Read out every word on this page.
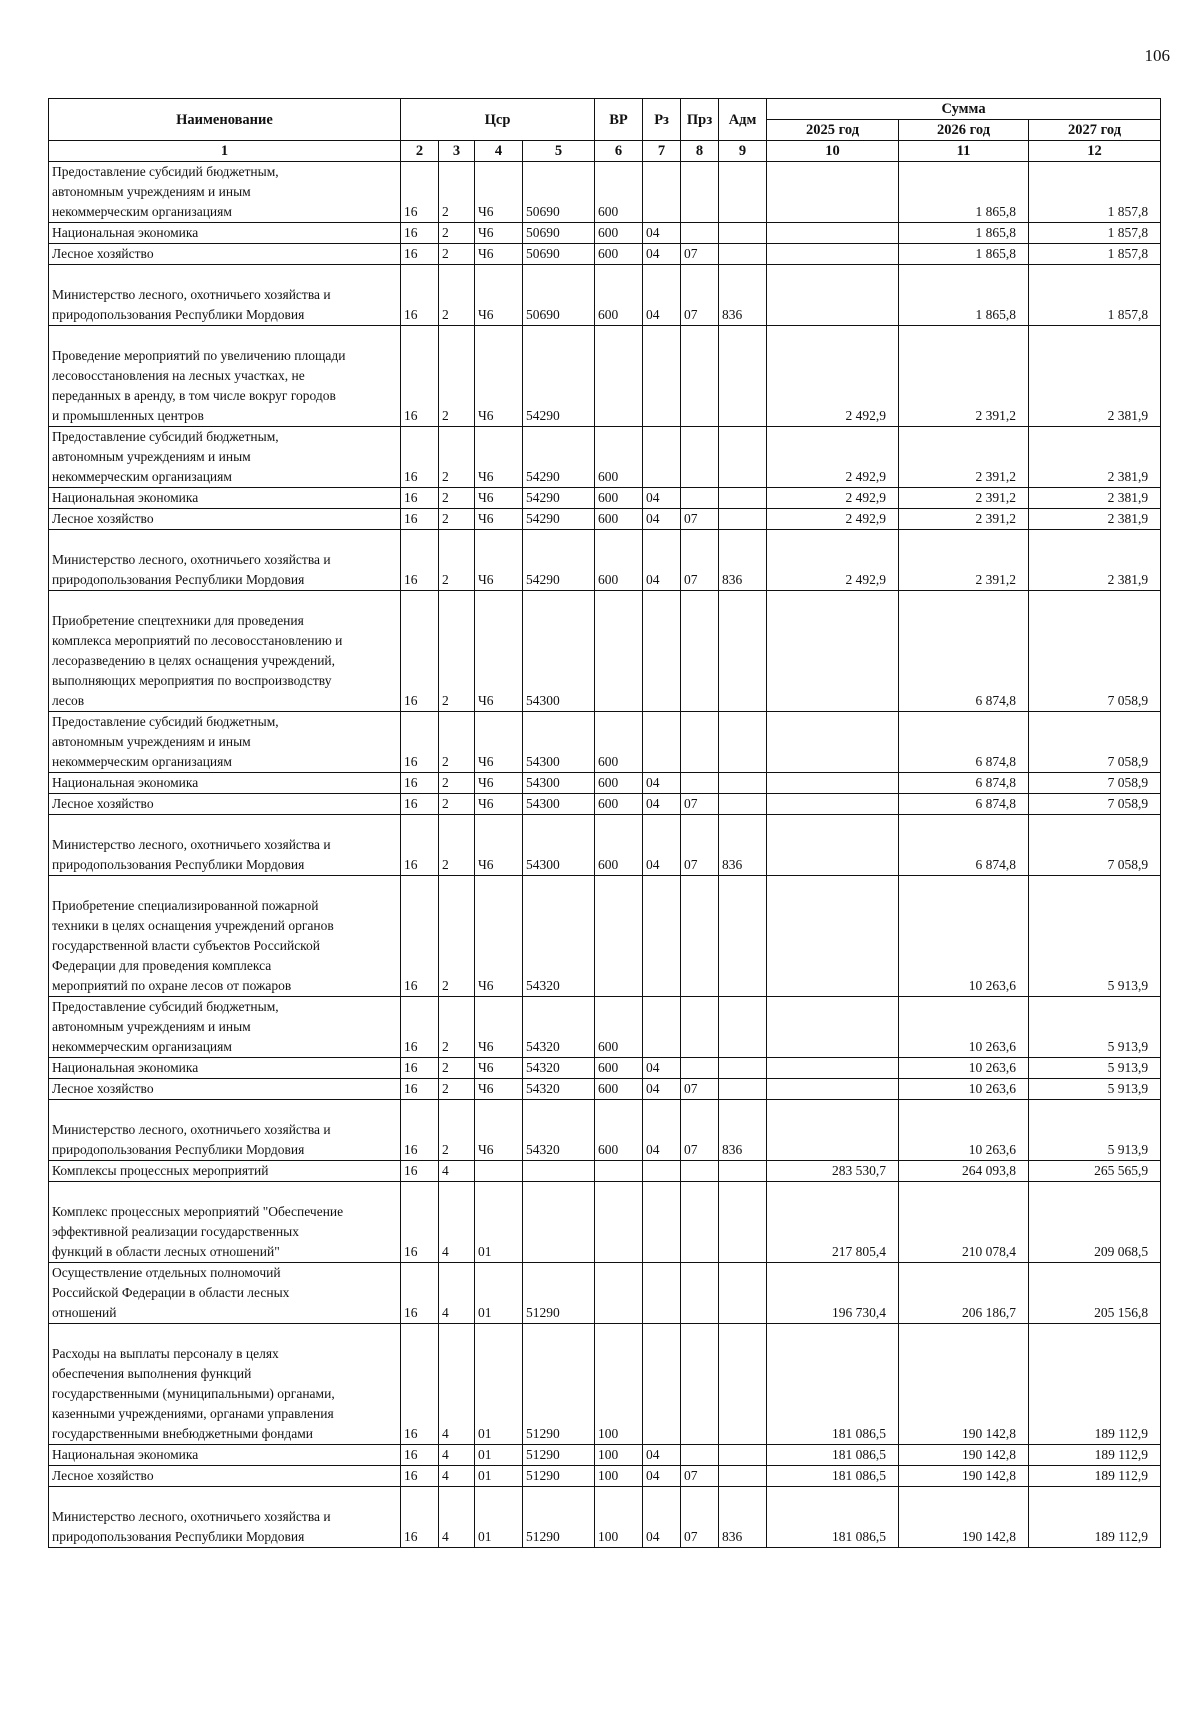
106
Наименование	Цср				ВР	Рз	Прз	Адм	Сумма		
									2025 год	2026 год	2027 год
1	2	3	4	5	6	7	8	9	10	11	12
Предоставление субсидий бюджетным,
автономным учреждениям и иным
некоммерческим организациям	16	2	Ч6	50690	600					1 865,8	1 857,8
Национальная экономика	16	2	Ч6	50690	600	04				1 865,8	1 857,8
Лесное хозяйство	16	2	Ч6	50690	600	04	07			1 865,8	1 857,8

Министерство лесного, охотничьего хозяйства и
природопользования Республики Мордовия	16	2	Ч6	50690	600	04	07	836		1 865,8	1 857,8

Проведение мероприятий по увеличению площади
лесовосстановления на лесных участках, не
переданных в аренду, в том числе вокруг городов
и промышленных центров	16	2	Ч6	54290					2 492,9	2 391,2	2 381,9
Предоставление субсидий бюджетным,
автономным учреждениям и иным
некоммерческим организациям	16	2	Ч6	54290	600				2 492,9	2 391,2	2 381,9
Национальная экономика	16	2	Ч6	54290	600	04			2 492,9	2 391,2	2 381,9
Лесное хозяйство	16	2	Ч6	54290	600	04	07		2 492,9	2 391,2	2 381,9

Министерство лесного, охотничьего хозяйства и
природопользования Республики Мордовия	16	2	Ч6	54290	600	04	07	836	2 492,9	2 391,2	2 381,9

Приобретение спецтехники для проведения
комплекса мероприятий по лесовосстановлению и
лесоразведению в целях оснащения учреждений,
выполняющих мероприятия по воспроизводству
лесов	16	2	Ч6	54300						6 874,8	7 058,9
Предоставление субсидий бюджетным,
автономным учреждениям и иным
некоммерческим организациям	16	2	Ч6	54300	600					6 874,8	7 058,9
Национальная экономика	16	2	Ч6	54300	600	04				6 874,8	7 058,9
Лесное хозяйство	16	2	Ч6	54300	600	04	07			6 874,8	7 058,9

Министерство лесного, охотничьего хозяйства и
природопользования Республики Мордовия	16	2	Ч6	54300	600	04	07	836		6 874,8	7 058,9

Приобретение специализированной пожарной
техники в целях оснащения учреждений органов
государственной власти субъектов Российской
Федерации для проведения комплекса
мероприятий по охране лесов от пожаров	16	2	Ч6	54320						10 263,6	5 913,9
Предоставление субсидий бюджетным,
автономным учреждениям и иным
некоммерческим организациям	16	2	Ч6	54320	600					10 263,6	5 913,9
Национальная экономика	16	2	Ч6	54320	600	04				10 263,6	5 913,9
Лесное хозяйство	16	2	Ч6	54320	600	04	07			10 263,6	5 913,9

Министерство лесного, охотничьего хозяйства и
природопользования Республики Мордовия	16	2	Ч6	54320	600	04	07	836		10 263,6	5 913,9
Комплексы процессных мероприятий	16	4							283 530,7	264 093,8	265 565,9

Комплекс процессных мероприятий "Обеспечение
эффективной реализации государственных
функций в области лесных отношений"	16	4	01						217 805,4	210 078,4	209 068,5
Осуществление отдельных полномочий
Российской Федерации в области лесных
отношений	16	4	01	51290					196 730,4	206 186,7	205 156,8

Расходы на выплаты персоналу в целях
обеспечения выполнения функций
государственными (муниципальными) органами,
казенными учреждениями, органами управления
государственными внебюджетными фондами	16	4	01	51290	100				181 086,5	190 142,8	189 112,9
Национальная экономика	16	4	01	51290	100	04			181 086,5	190 142,8	189 112,9
Лесное хозяйство	16	4	01	51290	100	04	07		181 086,5	190 142,8	189 112,9

Министерство лесного, охотничьего хозяйства и
природопользования Республики Мордовия	16	4	01	51290	100	04	07	836	181 086,5	190 142,8	189 112,9
